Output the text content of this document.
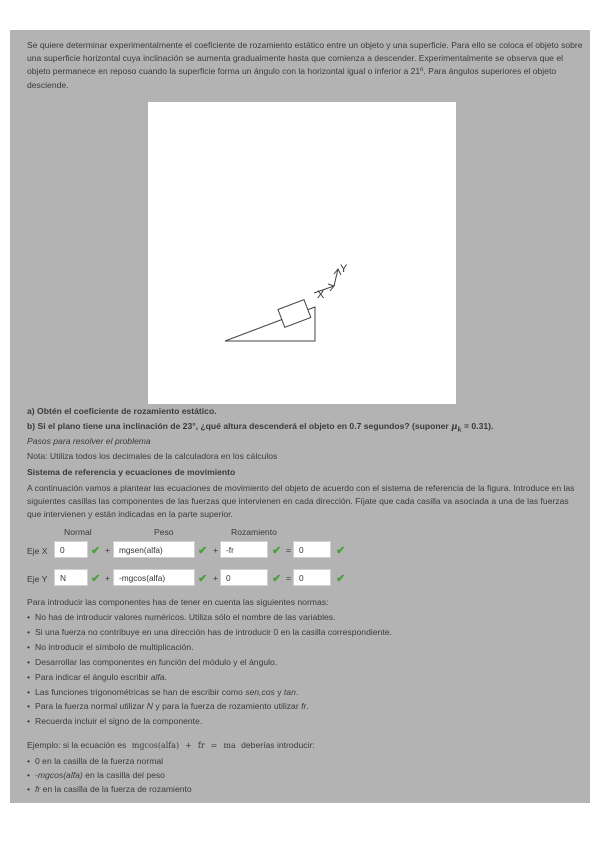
Se quiere determinar experimentalmente el coeficiente de rozamiento estático entre un objeto y una superficie. Para ello se coloca el objeto sobre una superficie horizontal cuya inclinación se aumenta gradualmente hasta que comienza a descender. Experimentalmente se observa que el objeto permanece en reposo cuando la superficie forma un ángulo con la horizontal igual o inferior a 21º. Para ángulos superiores el objeto desciende.

X
Y

a) Obtén el coeficiente de rozamiento estático.

b) Si el plano tiene una inclinación de 23°, ¿qué altura descenderá el objeto en 0.7 segundos? (suponer $\mu_k = 0.31$).

Pasos para resolver el problema

Nota: Utiliza todos los decimales de la calculadora en los cálculos

Sistema de referencia y ecuaciones de movimiento

A continuación vamos a plantear las ecuaciones de movimiento del objeto de acuerdo con el sistema de referencia de la figura. Introduce en las siguientes casillas las componentes de las fuerzas que intervienen en cada dirección. Fíjate que cada casilla va asociada a una de las fuerzas que intervienen y están indicadas en la parte superior.

Normal	Peso	Rozamiento
Eje X	0	✔ +	mgsen(alfa)	✔ + -fr	✔ = 0	✔
Eje Y	N	✔ +	-mgcos(alfa)	✔ + 0	✔ = 0	✔

Para introducir las componentes has de tener en cuenta las siguientes normas:

• No has de introducir valores numéricos. Utiliza sólo el nombre de las variables.
• Si una fuerza no contribuye en una dirección has de introducir 0 en la casilla correspondiente.
• No introducir el símbolo de multiplicación.
• Desarrollar las componentes en función del módulo y el ángulo.
• Para indicar el ángulo escribir alfa.
• Las funciones trigonométricas se han de escribir como sen,cos y tan.
• Para la fuerza normal utilizar N y para la fuerza de rozamiento utilizar fr.
• Recuerda incluir el signo de la componente.
Ejemplo: si la ecuación es mgcos(alfa) + fr = ma deberías introducir:
• 0 en la casilla de la fuerza normal
• -mgcos(alfa) en la casilla del peso
• fr en la casilla de la fuerza de rozamiento
